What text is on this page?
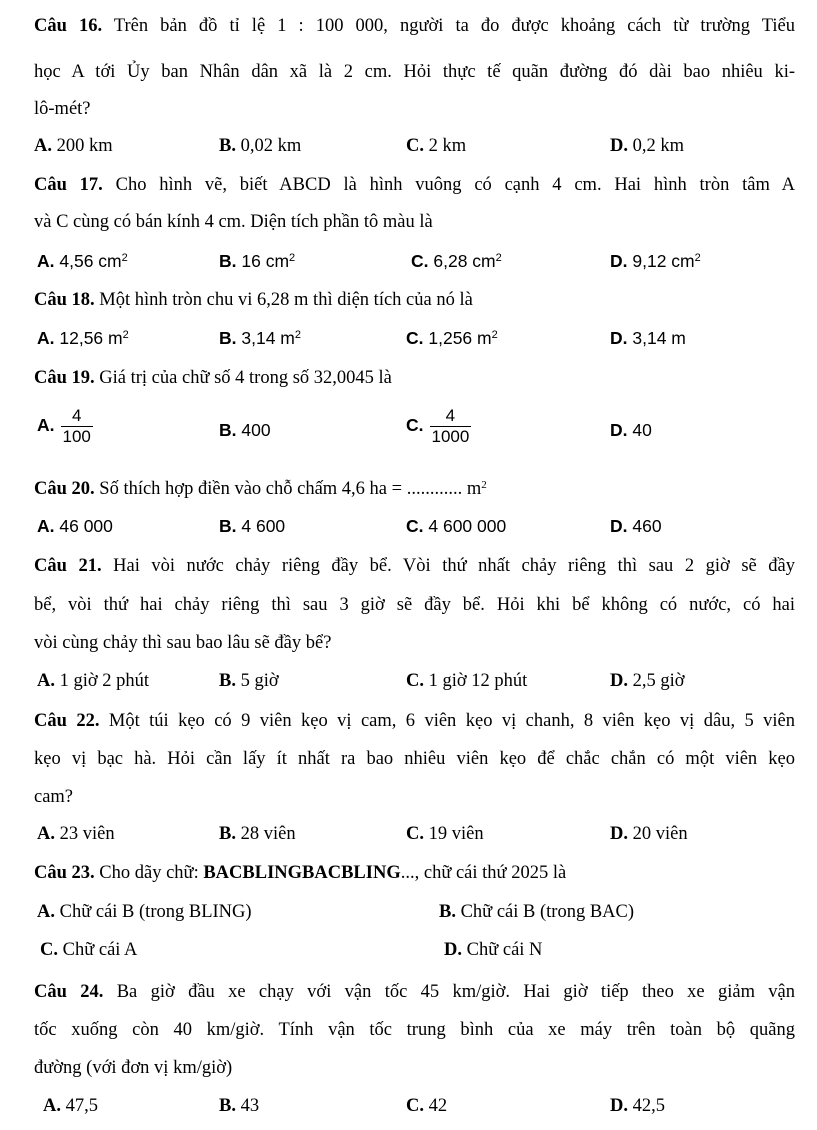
Câu 16. Trên bản đồ tỉ lệ 1 : 100 000, người ta đo được khoảng cách từ trường Tiểu
học A tới Ủy ban Nhân dân xã là 2 cm. Hỏi thực tế quãn đường đó dài bao nhiêu ki-
lô-mét?
A. 200 km	B. 0,02 km	C. 2 km	D. 0,2 km
Câu 17. Cho hình vẽ, biết ABCD là hình vuông có cạnh 4 cm. Hai hình tròn tâm A
và C cùng có bán kính 4 cm. Diện tích phần tô màu là
A. 4,56 $cm^2$	B. 16 $cm^2$	C. 6,28 $cm^2$	D. 9,12 $cm^2$
Câu 18. Một hình tròn chu vi 6,28 m thì diện tích của nó là
A. 12,56 $m^2$	B. 3,14 $m^2$	C. 1,256 $m^2$	D. 3,14 m
Câu 19. Giá trị của chữ số 4 trong số 32,0045 là
A. $\frac{4}{100}$	B. 400	C. $\frac{4}{1000}$	D. 40
Câu 20. Số thích hợp điền vào chỗ chấm 4,6 ha = ............ $m^2$
A. 46 000	B. 4 600	C. 4 600 000	D. 460
Câu 21. Hai vòi nước chảy riêng đầy bể. Vòi thứ nhất chảy riêng thì sau 2 giờ sẽ đầy
bể, vòi thứ hai chảy riêng thì sau 3 giờ sẽ đầy bể. Hỏi khi bể không có nước, có hai
vòi cùng chảy thì sau bao lâu sẽ đầy bể?
A. 1 giờ 2 phút	B. 5 giờ	C. 1 giờ 12 phút	D. 2,5 giờ
Câu 22. Một túi kẹo có 9 viên kẹo vị cam, 6 viên kẹo vị chanh, 8 viên kẹo vị dâu, 5 viên
kẹo vị bạc hà. Hỏi cần lấy ít nhất ra bao nhiêu viên kẹo để chắc chắn có một viên kẹo
cam?
A. 23 viên	B. 28 viên	C. 19 viên	D. 20 viên
Câu 23. Cho dãy chữ: BACBLINGBACBLING..., chữ cái thứ 2025 là
A. Chữ cái B (trong BLING)	B. Chữ cái B (trong BAC)
C. Chữ cái A	D. Chữ cái N
Câu 24. Ba giờ đầu xe chạy với vận tốc 45 km/giờ. Hai giờ tiếp theo xe giảm vận
tốc xuống còn 40 km/giờ. Tính vận tốc trung bình của xe máy trên toàn bộ quãng
đường (với đơn vị km/giờ)
A. 47,5	B. 43	C. 42	D. 42,5
